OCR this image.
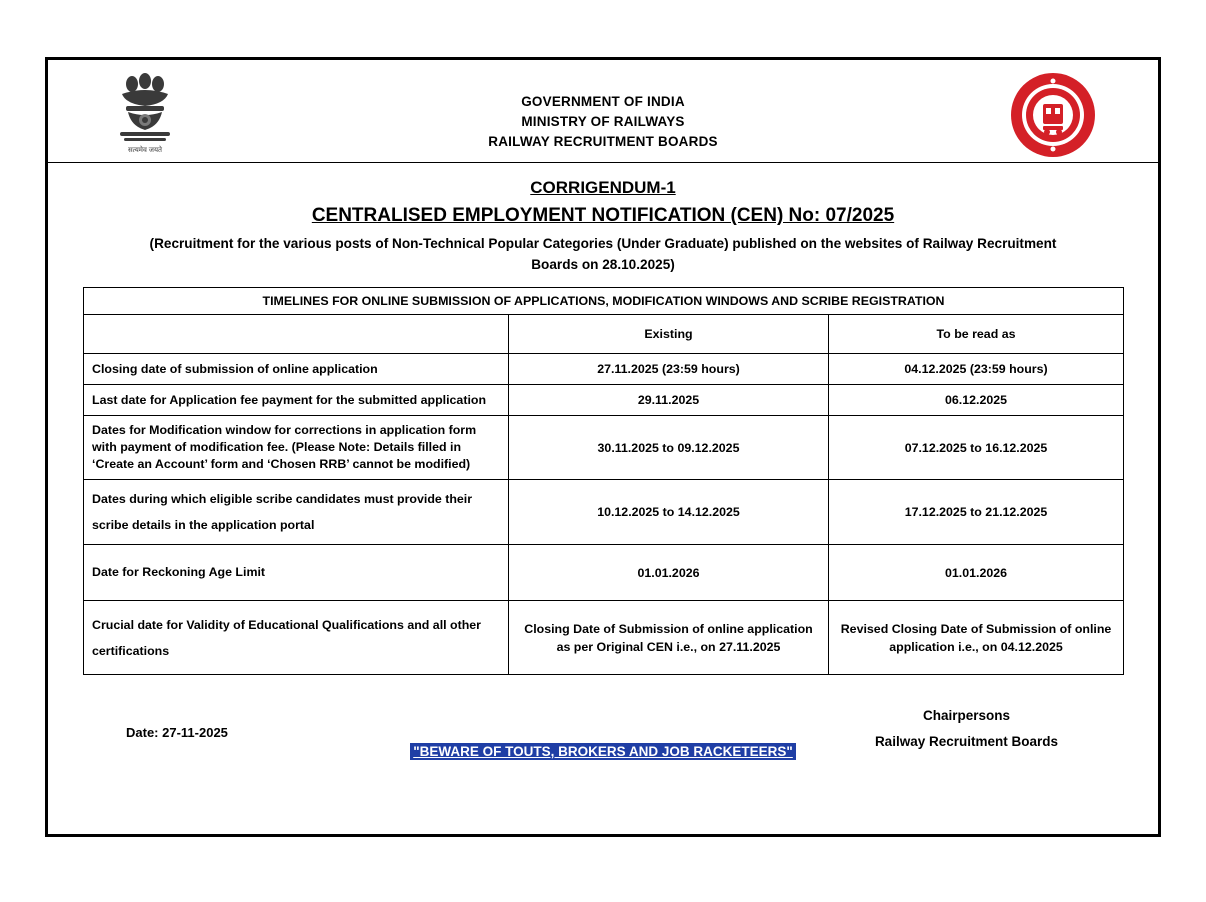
सत्यमेव जयते
GOVERNMENT OF INDIA
MINISTRY OF RAILWAYS
RAILWAY RECRUITMENT BOARDS
CORRIGENDUM-1
CENTRALISED EMPLOYMENT NOTIFICATION (CEN) No: 07/2025
(Recruitment for the various posts of Non-Technical Popular Categories (Under Graduate) published on the websites of Railway Recruitment Boards on 28.10.2025)
TIMELINES FOR ONLINE SUBMISSION OF APPLICATIONS, MODIFICATION WINDOWS AND SCRIBE REGISTRATION		
	Existing	To be read as
Closing date of submission of online application	27.11.2025 (23:59 hours)	04.12.2025 (23:59 hours)
Last date for Application fee payment for the submitted application	29.11.2025	06.12.2025
Dates for Modification window for corrections in application form with payment of modification fee. (Please Note: Details filled in ‘Create an Account’ form and ‘Chosen RRB’ cannot be modified)	30.11.2025 to 09.12.2025	07.12.2025 to 16.12.2025
Dates during which eligible scribe candidates must provide their scribe details in the application portal	10.12.2025 to 14.12.2025	17.12.2025 to 21.12.2025
Date for Reckoning Age Limit	01.01.2026	01.01.2026
Crucial date for Validity of Educational Qualifications and all other certifications	Closing Date of Submission of online application as per Original CEN i.e., on 27.11.2025	Revised Closing Date of Submission of online application i.e., on 04.12.2025
Date: 27-11-2025
Chairpersons
Railway Recruitment Boards
"BEWARE OF TOUTS, BROKERS AND JOB RACKETEERS"
